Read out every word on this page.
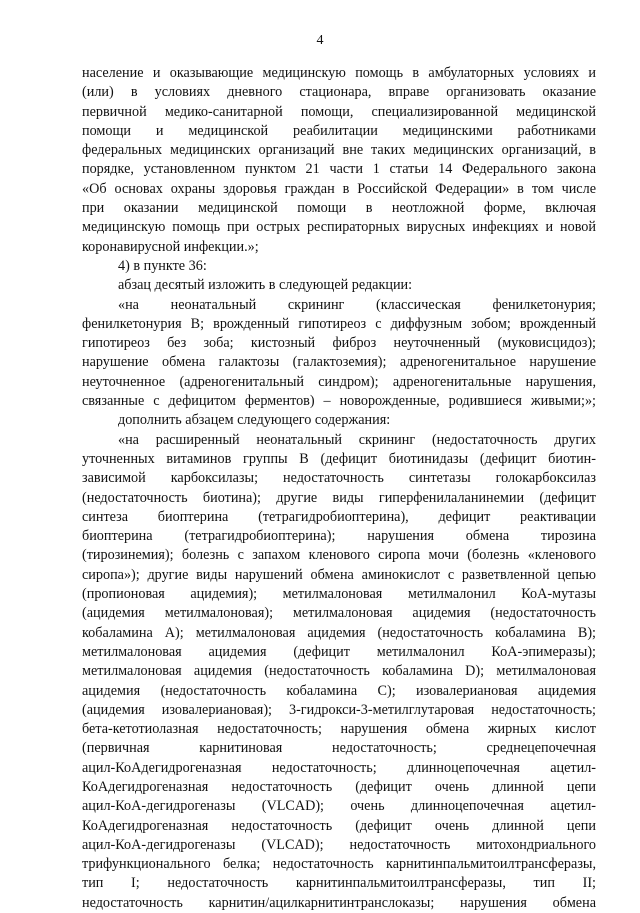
4
население и оказывающие медицинскую помощь в амбулаторных условиях и
(или) в условиях дневного стационара, вправе организовать оказание
первичной медико-санитарной помощи, специализированной медицинской
помощи и медицинской реабилитации медицинскими работниками
федеральных медицинских организаций вне таких медицинских организаций, в
порядке, установленном пунктом 21 части 1 статьи 14 Федерального закона
«Об основах охраны здоровья граждан в Российской Федерации» в том числе
при оказании медицинской помощи в неотложной форме, включая
медицинскую помощь при острых респираторных вирусных инфекциях и новой
коронавирусной инфекции.»;
4) в пункте 36:
абзац десятый изложить в следующей редакции:
«на неонатальный скрининг (классическая фенилкетонурия;
фенилкетонурия В; врожденный гипотиреоз с диффузным зобом; врожденный
гипотиреоз без зоба; кистозный фиброз неуточненный (муковисцидоз);
нарушение обмена галактозы (галактоземия); адреногенитальное нарушение
неуточненное (адреногенитальный синдром); адреногенитальные нарушения,
связанные с дефицитом ферментов) – новорожденные, родившиеся живыми;»;
дополнить абзацем следующего содержания:
«на расширенный неонатальный скрининг (недостаточность других
уточненных витаминов группы В (дефицит биотинидазы (дефицит биотин-
зависимой карбоксилазы; недостаточность синтетазы голокарбоксилаз
(недостаточность биотина); другие виды гиперфенилаланинемии (дефицит
синтеза биоптерина (тетрагидробиоптерина), дефицит реактивации
биоптерина (тетрагидробиоптерина); нарушения обмена тирозина
(тирозинемия); болезнь с запахом кленового сиропа мочи (болезнь «кленового
сиропа»); другие виды нарушений обмена аминокислот с разветвленной цепью
(пропионовая ацидемия); метилмалоновая метилмалонил КоА-мутазы
(ацидемия метилмалоновая); метилмалоновая ацидемия (недостаточность
кобаламина А); метилмалоновая ацидемия (недостаточность кобаламина В);
метилмалоновая ацидемия (дефицит метилмалонил КоА-эпимеразы);
метилмалоновая ацидемия (недостаточность кобаламина D); метилмалоновая
ацидемия (недостаточность кобаламина С); изовалериановая ацидемия
(ацидемия изовалериановая); 3-гидрокси-3-метилглутаровая недостаточность;
бета-кетотиолазная недостаточность; нарушения обмена жирных кислот
(первичная карнитиновая недостаточность; среднецепочечная
ацил-КоАдегидрогеназная недостаточность; длинноцепочечная ацетил-
КоАдегидрогеназная недостаточность (дефицит очень длинной цепи
ацил-КоА-дегидрогеназы (VLCAD); очень длинноцепочечная ацетил-
КоАдегидрогеназная недостаточность (дефицит очень длинной цепи
ацил-КоА-дегидрогеназы (VLCAD); недостаточность митохондриального
трифункционального белка; недостаточность карнитинпальмитоилтрансферазы,
тип I; недостаточность карнитинпальмитоилтрансферазы, тип II;
недостаточность карнитин/ацилкарнитинтранслоказы; нарушения обмена
